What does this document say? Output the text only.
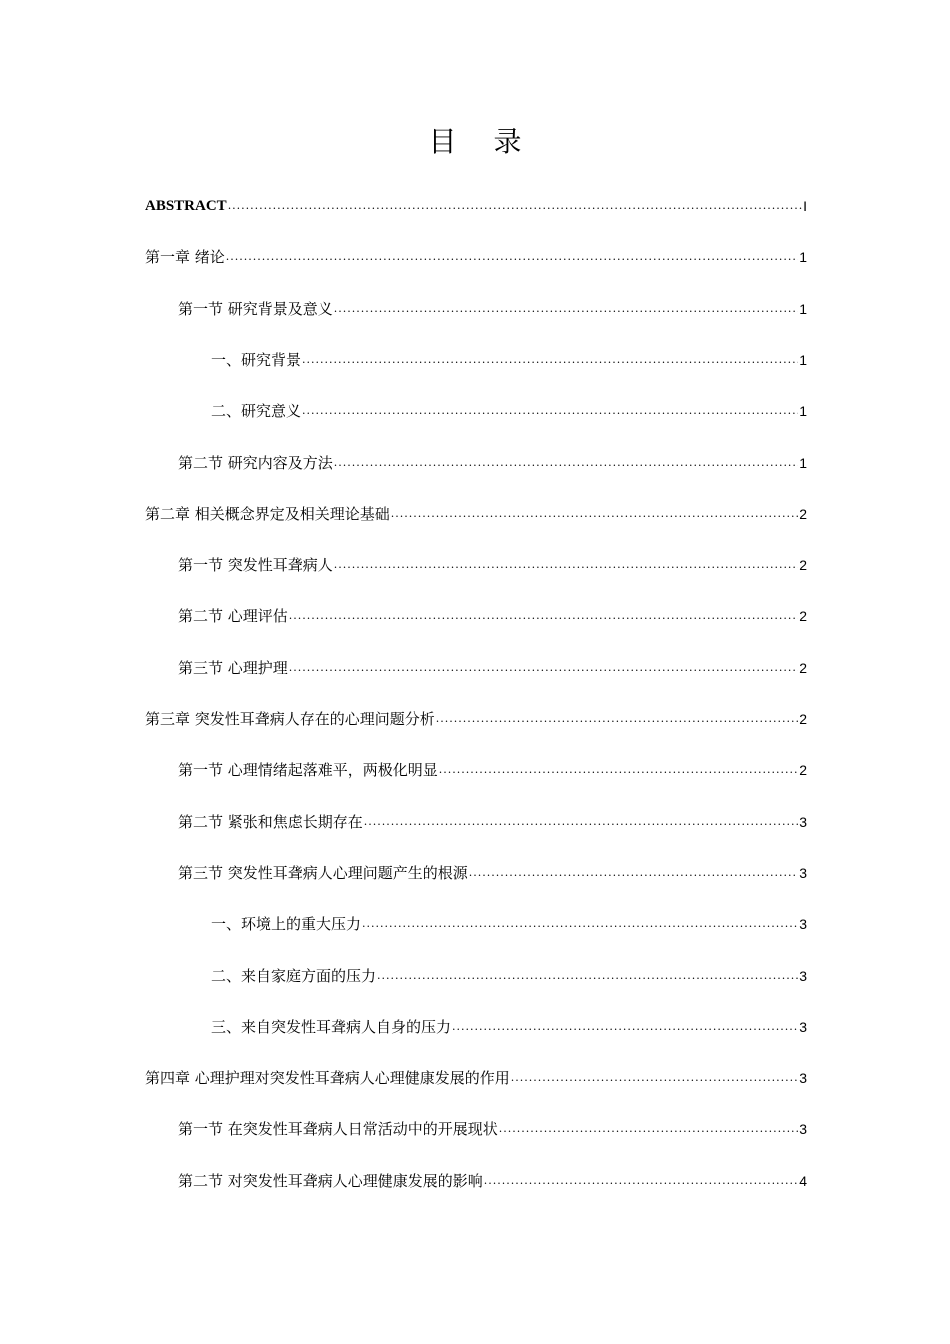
目 录
ABSTRACT .....	I
第一章 绪论 .....	1
第一节 研究背景及意义 .....	1
一、研究背景 .....	1
二、研究意义 .....	1
第二节 研究内容及方法 .....	1
第二章 相关概念界定及相关理论基础 .....	2
第一节 突发性耳聋病人 .....	2
第二节 心理评估 .....	2
第三节 心理护理 .....	2
第三章 突发性耳聋病人存在的心理问题分析 .....	2
第一节 心理情绪起落难平，两极化明显 .....	2
第二节 紧张和焦虑长期存在 .....	3
第三节 突发性耳聋病人心理问题产生的根源 .....	3
一、环境上的重大压力 .....	3
二、来自家庭方面的压力 .....	3
三、来自突发性耳聋病人自身的压力 .....	3
第四章 心理护理对突发性耳聋病人心理健康发展的作用 .....	3
第一节 在突发性耳聋病人日常活动中的开展现状 .....	3
第二节 对突发性耳聋病人心理健康发展的影响 .....	4
